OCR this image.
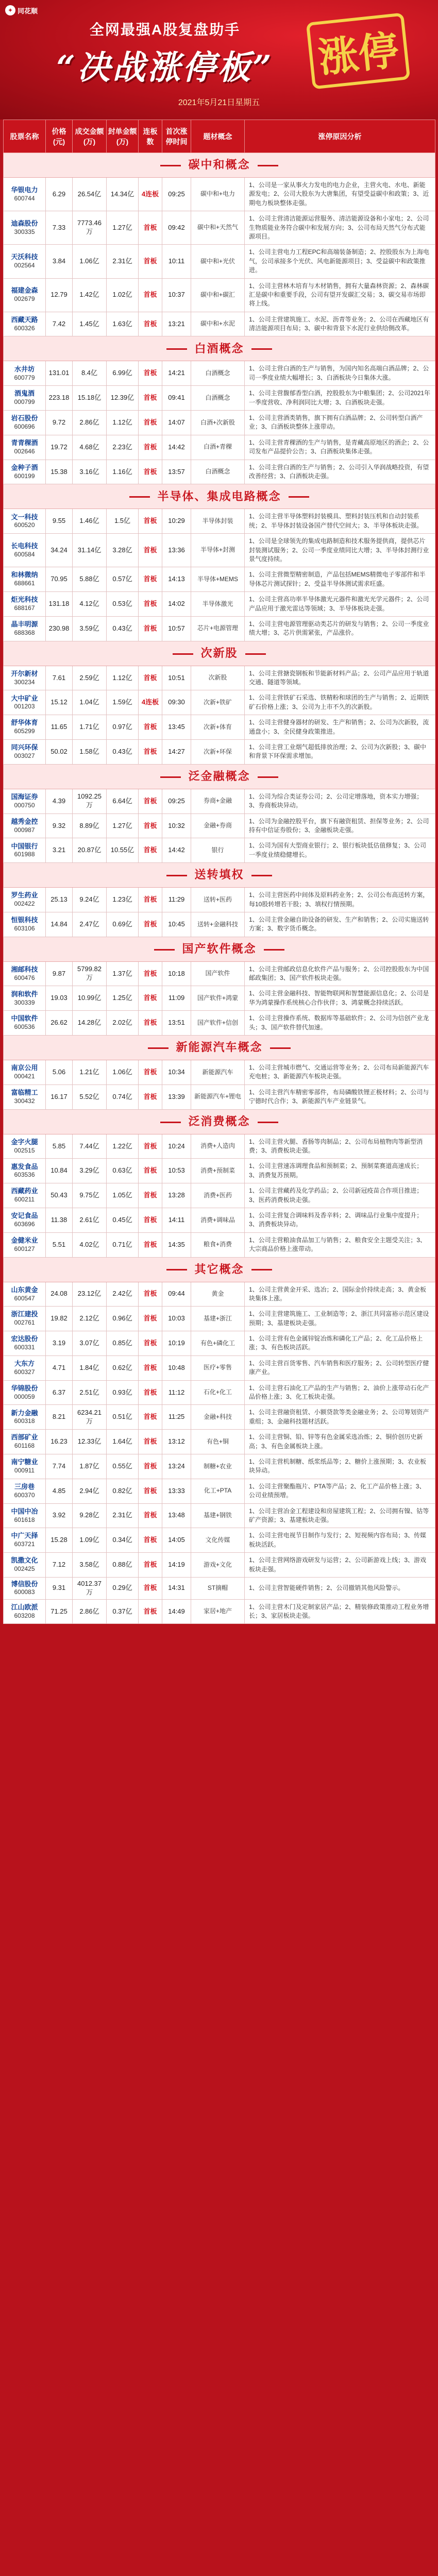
✦ 同花顺
全网最强A股复盘助手
“决战涨停板”	涨停
2021年5月21日星期五
股票名称	价格(元)	成交金额(万)	封单金额(万)	连板数	首次涨停时间	题材概念	涨停原因分析
碳中和概念							
华银电力
600744	6.29	26.54亿	14.34亿	4连板	09:25	碳中和+电力	1、公司是一家从事火力发电的电力企业，主营火电、水电、新能源发电；2、公司大股东为大唐集团，有望受益碳中和政策；3、近期电力板块整体走强。
迪森股份
300335	7.33	7773.46万	1.27亿	首板	09:42	碳中和+天然气	1、公司主营清洁能源运营服务、清洁能源设备和小家电；2、公司生物质能业务符合碳中和发展方向；3、公司布局天然气分布式能源项目。
天沃科技
002564	3.84	1.06亿	2.31亿	首板	10:11	碳中和+光伏	1、公司主营电力工程EPC和高端装备制造；2、控股股东为上海电气，公司承接多个光伏、风电新能源项目；3、受益碳中和政策推进。
福建金森
002679	12.79	1.42亿	1.02亿	首板	10:37	碳中和+碳汇	1、公司主营林木培育与木材销售，拥有大量森林资源；2、森林碳汇是碳中和重要手段，公司有望开发碳汇交易；3、碳交易市场即将上线。
西藏天路
600326	7.42	1.45亿	1.63亿	首板	13:21	碳中和+水泥	1、公司主营建筑施工、水泥、沥青等业务；2、公司在西藏地区有清洁能源项目布局；3、碳中和背景下水泥行业供给侧改革。
白酒概念							
水井坊
600779	131.01	8.4亿	6.99亿	首板	14:21	白酒概念	1、公司主营白酒的生产与销售，为国内知名高端白酒品牌；2、公司一季度业绩大幅增长；3、白酒板块今日集体大涨。
酒鬼酒
000799	223.18	15.18亿	12.39亿	首板	09:41	白酒概念	1、公司主营馥郁香型白酒，控股股东为中粮集团；2、公司2021年一季度营收、净利润同比大增；3、白酒板块走强。
岩石股份
600696	9.72	2.86亿	1.12亿	首板	14:07	白酒+次新股	1、公司主营酒类销售，旗下拥有白酒品牌；2、公司转型白酒产业；3、白酒板块整体上涨带动。
青青稞酒
002646	19.72	4.68亿	2.23亿	首板	14:42	白酒+青稞	1、公司主营青稞酒的生产与销售，是青藏高原地区的酒企；2、公司发布产品提价公告；3、白酒板块集体走强。
金种子酒
600199	15.38	3.16亿	1.16亿	首板	13:57	白酒概念	1、公司主营白酒的生产与销售；2、公司引入华润战略投资，有望改善经营；3、白酒板块走强。
半导体、集成电路概念							
文一科技
600520	9.55	1.46亿	1.5亿	首板	10:29	半导体封装	1、公司主营半导体塑料封装模具、塑料封装压机和自动封装系统；2、半导体封装设备国产替代空间大；3、半导体板块走强。
长电科技
600584	34.24	31.14亿	3.28亿	首板	13:36	半导体+封测	1、公司是全球领先的集成电路制造和技术服务提供商，提供芯片封装测试服务；2、公司一季度业绩同比大增；3、半导体封测行业景气度持续。
和林微纳
688661	70.95	5.88亿	0.57亿	首板	14:13	半导体+MEMS	1、公司主营微型精密制造，产品包括MEMS精微电子零部件和半导体芯片测试探针；2、受益半导体测试需求旺盛。
炬光科技
688167	131.18	4.12亿	0.53亿	首板	14:02	半导体激光	1、公司主营高功率半导体激光元器件和激光光学元器件；2、公司产品应用于激光雷达等领域；3、半导体板块走强。
晶丰明源
688368	230.98	3.59亿	0.43亿	首板	10:57	芯片+电源管理	1、公司主营电源管理驱动类芯片的研发与销售；2、公司一季度业绩大增；3、芯片供需紧张，产品涨价。
次新股							
开尔新材
300234	7.61	2.59亿	1.12亿	首板	10:51	次新股	1、公司主营搪瓷钢板和节能新材料产品；2、公司产品应用于轨道交通、隧道等领域。
大中矿业
001203	15.12	1.04亿	1.59亿	4连板	09:30	次新+铁矿	1、公司主营铁矿石采选、铁精粉和球团的生产与销售；2、近期铁矿石价格上涨；3、公司为上市不久的次新股。
舒华体育
605299	11.65	1.71亿	0.97亿	首板	13:45	次新+体育	1、公司主营健身器材的研发、生产和销售；2、公司为次新股，流通盘小；3、全民健身政策推进。
同兴环保
003027	50.02	1.58亿	0.43亿	首板	14:27	次新+环保	1、公司主营工业烟气超低排放治理；2、公司为次新股；3、碳中和背景下环保需求增加。
泛金融概念							
国海证券
000750	4.39	1092.25万	6.64亿	首板	09:25	券商+金融	1、公司为综合类证券公司；2、公司定增落地，资本实力增强；3、券商板块异动。
越秀金控
000987	9.32	8.89亿	1.27亿	首板	10:32	金融+券商	1、公司为金融控股平台，旗下有融资租赁、担保等业务；2、公司持有中信证券股份；3、金融板块走强。
中国银行
601988	3.21	20.87亿	10.55亿	首板	14:42	银行	1、公司为国有大型商业银行；2、银行板块低估值修复；3、公司一季度业绩稳健增长。
送转填权							
罗生药业
002422	25.13	9.24亿	1.23亿	首板	11:29	送转+医药	1、公司主营医药中间体及原料药业务；2、公司公布高送转方案，每10股转增若干股；3、填权行情预期。
恒银科技
603106	14.84	2.47亿	0.69亿	首板	10:45	送转+金融科技	1、公司主营金融自助设备的研发、生产和销售；2、公司实施送转方案；3、数字货币概念。
国产软件概念							
湘邮科技
600476	9.87	5799.82万	1.37亿	首板	10:18	国产软件	1、公司主营邮政信息化软件产品与服务；2、公司控股股东为中国邮政集团；3、国产软件板块走强。
润和软件
300339	19.03	10.99亿	1.25亿	首板	11:09	国产软件+鸿蒙	1、公司主营金融科技、智能物联网和智慧能源信息化；2、公司是华为鸿蒙操作系统核心合作伙伴；3、鸿蒙概念持续活跃。
中国软件
600536	26.62	14.28亿	2.02亿	首板	13:51	国产软件+信创	1、公司主营操作系统、数据库等基础软件；2、公司为信创产业龙头；3、国产软件替代加速。
新能源汽车概念							
南京公用
000421	5.06	1.21亿	1.06亿	首板	10:34	新能源汽车	1、公司主营城市燃气、交通运营等业务；2、公司布局新能源汽车充电桩；3、新能源汽车板块走强。
富临精工
300432	16.17	5.52亿	0.74亿	首板	13:39	新能源汽车+锂电	1、公司主营汽车精密零部件，布局磷酸铁锂正极材料；2、公司与宁德时代合作；3、新能源汽车产业链景气。
泛消费概念							
金字火腿
002515	5.85	7.44亿	1.22亿	首板	10:24	消费+人造肉	1、公司主营火腿、香肠等肉制品；2、公司布局植物肉等新型消费；3、消费板块走强。
惠发食品
603536	10.84	3.29亿	0.63亿	首板	10:53	消费+预制菜	1、公司主营速冻调理食品和预制菜；2、预制菜赛道高速成长；3、消费复苏预期。
西藏药业
600211	50.43	9.75亿	1.05亿	首板	13:28	消费+医药	1、公司主营藏药及化学药品；2、公司新冠疫苗合作项目推进；3、医药消费板块走强。
安记食品
603696	11.38	2.61亿	0.45亿	首板	14:11	消费+调味品	1、公司主营复合调味料及香辛料；2、调味品行业集中度提升；3、消费板块异动。
金健米业
600127	5.51	4.02亿	0.71亿	首板	14:35	粮食+消费	1、公司主营粮油食品加工与销售；2、粮食安全主题受关注；3、大宗商品价格上涨带动。
其它概念							
山东黄金
600547	24.08	23.12亿	2.42亿	首板	09:44	黄金	1、公司主营黄金开采、选冶；2、国际金价持续走高；3、黄金板块集体上涨。
浙江建投
002761	19.82	2.12亿	0.96亿	首板	10:03	基建+浙江	1、公司主营建筑施工、工业制造等；2、浙江共同富裕示范区建设预期；3、基建板块走强。
宏达股份
600331	3.19	3.07亿	0.85亿	首板	10:19	有色+磷化工	1、公司主营有色金属锌锭冶炼和磷化工产品；2、化工品价格上涨；3、有色板块活跃。
大东方
600327	4.71	1.84亿	0.62亿	首板	10:48	医疗+零售	1、公司主营百货零售、汽车销售和医疗服务；2、公司转型医疗健康产业。
华锦股份
000059	6.37	2.51亿	0.93亿	首板	11:12	石化+化工	1、公司主营石油化工产品的生产与销售；2、油价上涨带动石化产品价格上涨；3、化工板块走强。
新力金融
600318	8.21	6234.21万	0.51亿	首板	11:25	金融+科技	1、公司主营融资租赁、小额贷款等类金融业务；2、公司筹划资产重组；3、金融科技题材活跃。
西部矿业
601168	16.23	12.33亿	1.64亿	首板	13:12	有色+铜	1、公司主营铜、铅、锌等有色金属采选冶炼；2、铜价创历史新高；3、有色金属板块上涨。
南宁糖业
000911	7.74	1.87亿	0.55亿	首板	13:24	制糖+农业	1、公司主营机制糖、纸浆纸品等；2、糖价上涨预期；3、农业板块异动。
三房巷
600370	4.85	2.94亿	0.82亿	首板	13:33	化工+PTA	1、公司主营聚酯瓶片、PTA等产品；2、化工产品价格上涨；3、公司业绩预增。
中国中冶
601618	3.92	9.28亿	2.31亿	首板	13:48	基建+钢铁	1、公司主营冶金工程建设和房屋建筑工程；2、公司拥有镍、钴等矿产资源；3、基建板块走强。
中广天择
603721	15.28	1.09亿	0.34亿	首板	14:05	文化传媒	1、公司主营电视节目制作与发行；2、短视频内容布局；3、传媒板块活跃。
凯撒文化
002425	7.12	3.58亿	0.88亿	首板	14:19	游戏+文化	1、公司主营网络游戏研发与运营；2、公司新游戏上线；3、游戏板块走强。
博信股份
600083	9.31	4012.37万	0.29亿	首板	14:31	ST摘帽	1、公司主营智能硬件销售；2、公司撤销其他风险警示。
江山欧派
603208	71.25	2.86亿	0.37亿	首板	14:49	家居+地产	1、公司主营木门及定制家居产品；2、精装修政策推动工程业务增长；3、家居板块走强。
